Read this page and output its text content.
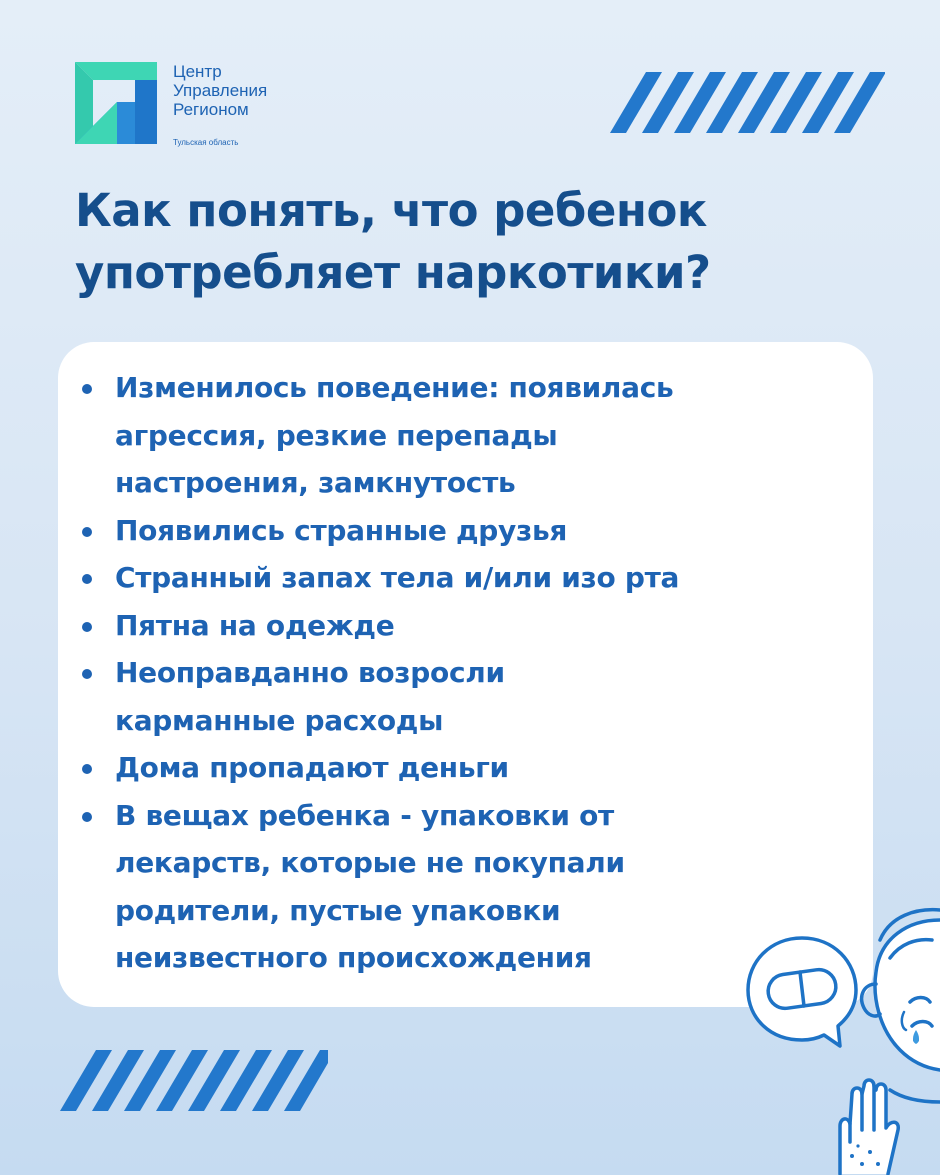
Центр
Управления
Регионом
Тульская область
Как понять, что ребенок
употребляет наркотики?
Изменилось поведение: появилась
агрессия, резкие перепады
настроения, замкнутость
Появились странные друзья
Странный запах тела и/или изо рта
Пятна на одежде
Неоправданно возросли
карманные расходы
Дома пропадают деньги
В вещах ребенка - упаковки от
лекарств, которые не покупали
родители, пустые упаковки
неизвестного происхождения
